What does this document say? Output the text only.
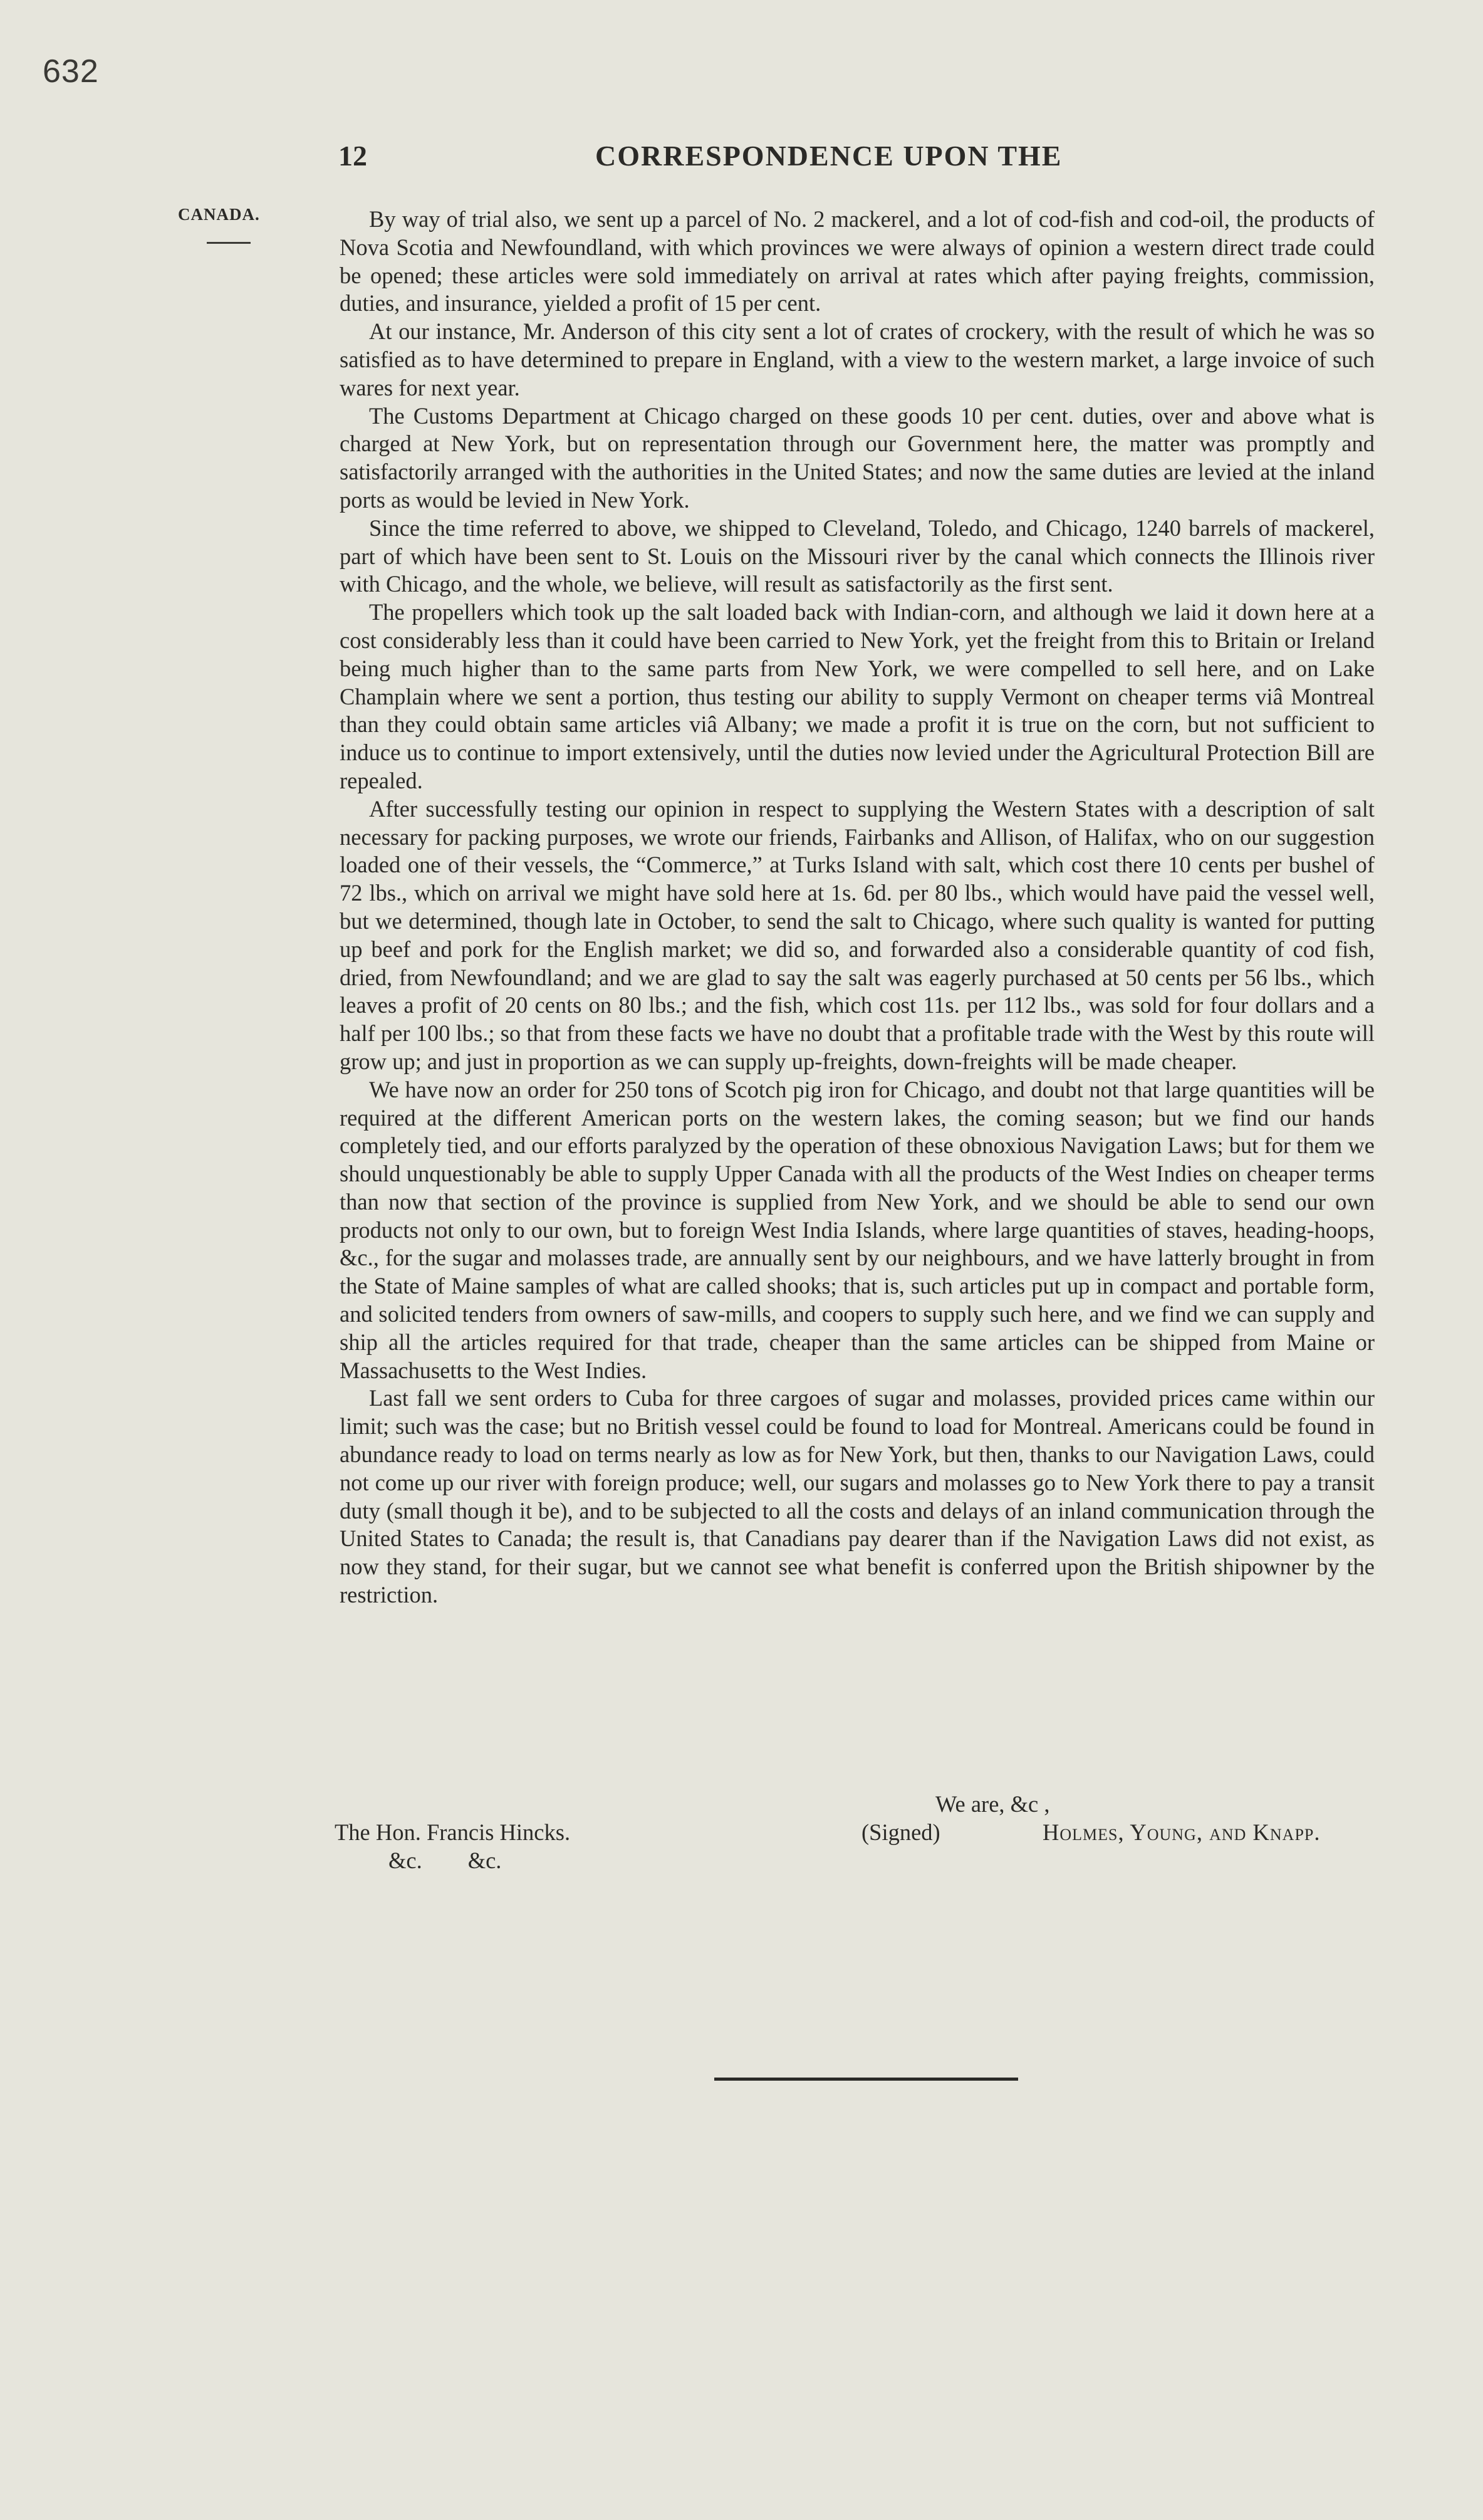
632
12	CORRESPONDENCE UPON THE
CANADA.	By way of trial also, we sent up a parcel of No. 2 mackerel, and a lot of cod-fish and cod-oil, the products of Nova Scotia and Newfoundland, with which provinces we were always of opinion a western direct trade could be opened; these articles were sold immediately on arrival at rates which after paying freights, commission, duties, and insurance, yielded a profit of 15 per cent.

At our instance, Mr. Anderson of this city sent a lot of crates of crockery, with the result of which he was so satisfied as to have determined to prepare in England, with a view to the western market, a large invoice of such wares for next year.

The Customs Department at Chicago charged on these goods 10 per cent. duties, over and above what is charged at New York, but on representation through our Government here, the matter was promptly and satisfactorily arranged with the authorities in the United States; and now the same duties are levied at the inland ports as would be levied in New York.

Since the time referred to above, we shipped to Cleveland, Toledo, and Chicago, 1240 barrels of mackerel, part of which have been sent to St. Louis on the Missouri river by the canal which connects the Illinois river with Chicago, and the whole, we believe, will result as satisfactorily as the first sent.

The propellers which took up the salt loaded back with Indian-corn, and although we laid it down here at a cost considerably less than it could have been carried to New York, yet the freight from this to Britain or Ireland being much higher than to the same parts from New York, we were compelled to sell here, and on Lake Champlain where we sent a portion, thus testing our ability to supply Vermont on cheaper terms viâ Montreal than they could obtain same articles viâ Albany; we made a profit it is true on the corn, but not sufficient to induce us to continue to import extensively, until the duties now levied under the Agricultural Protection Bill are repealed.

After successfully testing our opinion in respect to supplying the Western States with a description of salt necessary for packing purposes, we wrote our friends, Fairbanks and Allison, of Halifax, who on our suggestion loaded one of their vessels, the “Commerce,” at Turks Island with salt, which cost there 10 cents per bushel of 72 lbs., which on arrival we might have sold here at 1s. 6d. per 80 lbs., which would have paid the vessel well, but we determined, though late in October, to send the salt to Chicago, where such quality is wanted for putting up beef and pork for the English market; we did so, and forwarded also a considerable quantity of cod fish, dried, from Newfoundland; and we are glad to say the salt was eagerly purchased at 50 cents per 56 lbs., which leaves a profit of 20 cents on 80 lbs.; and the fish, which cost 11s. per 112 lbs., was sold for four dollars and a half per 100 lbs.; so that from these facts we have no doubt that a profitable trade with the West by this route will grow up; and just in proportion as we can supply up-freights, down-freights will be made cheaper.

We have now an order for 250 tons of Scotch pig iron for Chicago, and doubt not that large quantities will be required at the different American ports on the western lakes, the coming season; but we find our hands completely tied, and our efforts paralyzed by the operation of these obnoxious Navigation Laws; but for them we should unquestionably be able to supply Upper Canada with all the products of the West Indies on cheaper terms than now that section of the province is supplied from New York, and we should be able to send our own products not only to our own, but to foreign West India Islands, where large quantities of staves, heading-hoops, &c., for the sugar and molasses trade, are annually sent by our neighbours, and we have latterly brought in from the State of Maine samples of what are called shooks; that is, such articles put up in compact and portable form, and solicited tenders from owners of saw-mills, and coopers to supply such here, and we find we can supply and ship all the articles required for that trade, cheaper than the same articles can be shipped from Maine or Massachusetts to the West Indies.

Last fall we sent orders to Cuba for three cargoes of sugar and molasses, provided prices came within our limit; such was the case; but no British vessel could be found to load for Montreal. Americans could be found in abundance ready to load on terms nearly as low as for New York, but then, thanks to our Navigation Laws, could not come up our river with foreign produce; well, our sugars and molasses go to New York there to pay a transit duty (small though it be), and to be subjected to all the costs and delays of an inland communication through the United States to Canada; the result is, that Canadians pay dearer than if the Navigation Laws did not exist, as now they stand, for their sugar, but we cannot see what benefit is conferred upon the British shipowner by the restriction.

We are, &c ,
The Hon. Francis Hincks.	(Signed)	Holmes, Young, and Knapp.
&c.        &c.
